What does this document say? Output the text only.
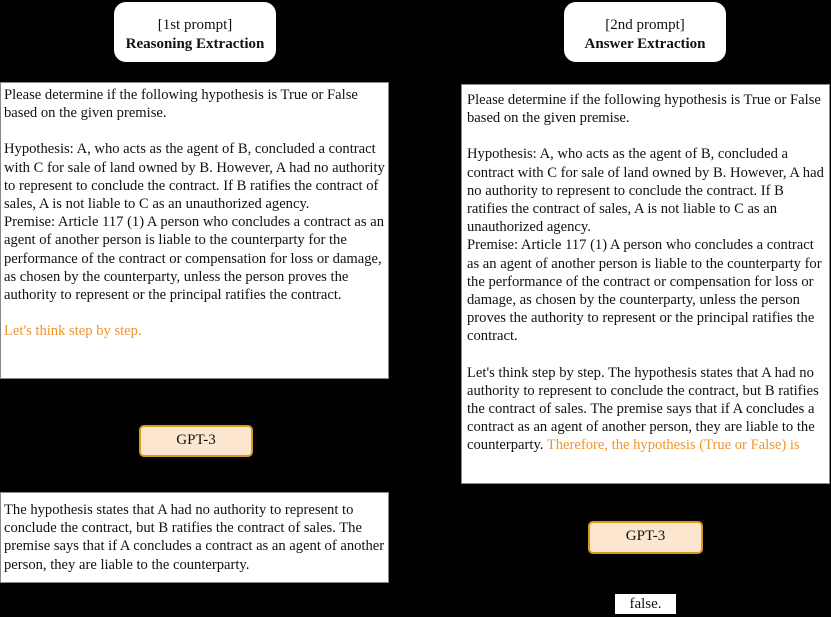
[1st prompt]
Reasoning Extraction

Please determine if the following hypothesis is True or False based on the given premise.

Hypothesis: A, who acts as the agent of B, concluded a contract with C for sale of land owned by B. However, A had no authority to represent to conclude the contract. If B ratifies the contract of sales, A is not liable to C as an unauthorized agency.

Premise: Article 117 (1) A person who concludes a contract as an agent of another person is liable to the counterparty for the performance of the contract or compensation for loss or damage, as chosen by the counterparty, unless the person proves the authority to represent or the principal ratifies the contract.

Let's think step by step.

GPT-3

The hypothesis states that A had no authority to represent to conclude the contract, but B ratifies the contract of sales. The premise says that if A concludes a contract as an agent of another person, they are liable to the counterparty.

[2nd prompt]
Answer Extraction

Please determine if the following hypothesis is True or False based on the given premise.

Hypothesis: A, who acts as the agent of B, concluded a contract with C for sale of land owned by B. However, A had no authority to represent to conclude the contract. If B ratifies the contract of sales, A is not liable to C as an unauthorized agency.

Premise: Article 117 (1) A person who concludes a contract as an agent of another person is liable to the counterparty for the performance of the contract or compensation for loss or damage, as chosen by the counterparty, unless the person proves the authority to represent or the principal ratifies the contract.

Let's think step by step. The hypothesis states that A had no authority to represent to conclude the contract, but B ratifies the contract of sales. The premise says that if A concludes a contract as an agent of another person, they are liable to the counterparty. Therefore, the hypothesis (True or False) is

GPT-3
false.
